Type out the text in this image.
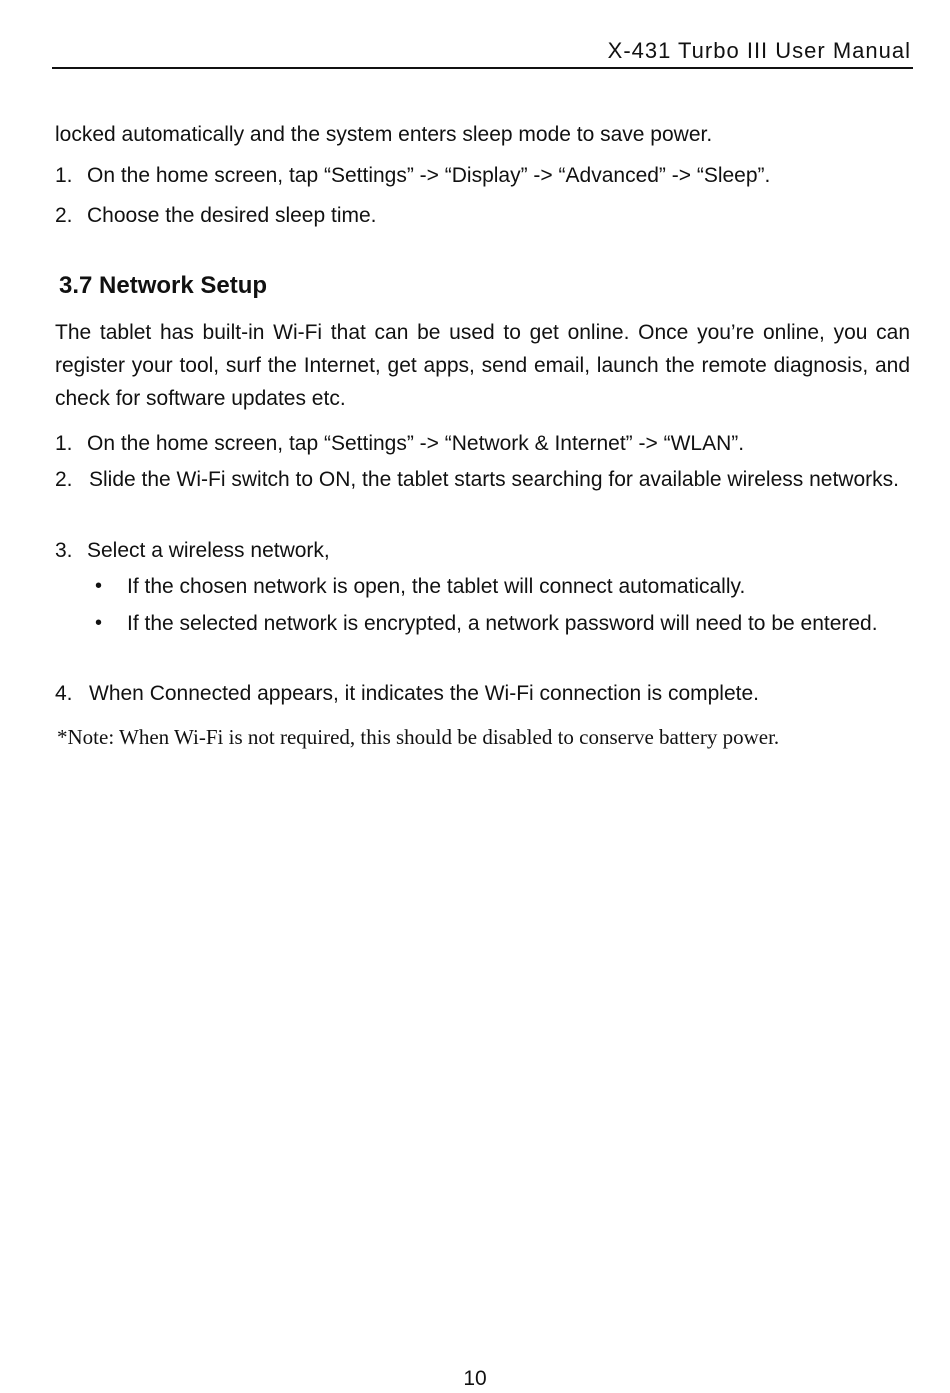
X-431 Turbo III User Manual
locked automatically and the system enters sleep mode to save power.
1. On the home screen, tap “Settings” -> “Display” -> “Advanced” -> “Sleep”.
2. Choose the desired sleep time.
3.7 Network Setup
The tablet has built-in Wi-Fi that can be used to get online. Once you’re online, you can register your tool, surf the Internet, get apps, send email, launch the remote diagnosis, and check for software updates etc.
1. On the home screen, tap “Settings” -> “Network & Internet” -> “WLAN”.
2. Slide the Wi-Fi switch to ON, the tablet starts searching for available wireless networks.
3. Select a wireless network,
• If the chosen network is open, the tablet will connect automatically.
• If the selected network is encrypted, a network password will need to be entered.
4. When Connected appears, it indicates the Wi-Fi connection is complete.
*Note: When Wi-Fi is not required, this should be disabled to conserve battery power.
10
